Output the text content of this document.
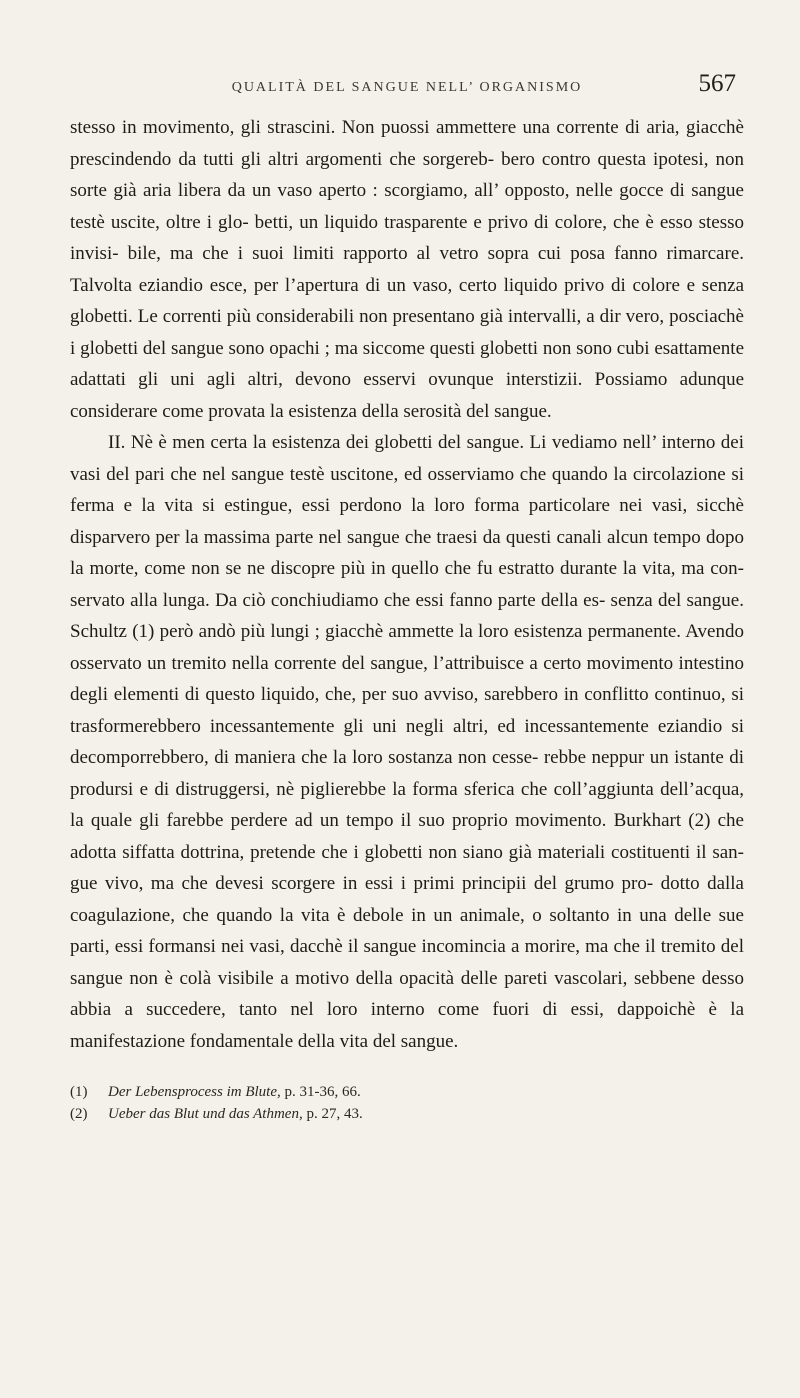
QUALITÀ DEL SANGUE NELL’ ORGANISMO	567

stesso in movimento, gli strascini. Non puossi ammettere una corrente di aria, giacchè prescindendo da tutti gli altri argomenti che sorgereb- bero contro questa ipotesi, non sorte già aria libera da un vaso aperto : scorgiamo, all’ opposto, nelle gocce di sangue testè uscite, oltre i glo- betti, un liquido trasparente e privo di colore, che è esso stesso invisi- bile, ma che i suoi limiti rapporto al vetro sopra cui posa fanno rimarcare. Talvolta eziandio esce, per l’apertura di un vaso, certo liquido privo di colore e senza globetti. Le correnti più considerabili non presentano già intervalli, a dir vero, posciachè i globetti del sangue sono opachi ; ma siccome questi globetti non sono cubi esattamente adattati gli uni agli altri, devono esservi ovunque interstizii. Possiamo adunque considerare come provata la esistenza della serosità del sangue.

II. Nè è men certa la esistenza dei globetti del sangue. Li vediamo nell’ interno dei vasi del pari che nel sangue testè uscitone, ed osserviamo che quando la circolazione si ferma e la vita si estingue, essi perdono la loro forma particolare nei vasi, sicchè disparvero per la massima parte nel sangue che traesi da questi canali alcun tempo dopo la morte, come non se ne discopre più in quello che fu estratto durante la vita, ma con- servato alla lunga. Da ciò conchiudiamo che essi fanno parte della es- senza del sangue. Schultz (1) però andò più lungi ; giacchè ammette la loro esistenza permanente. Avendo osservato un tremito nella corrente del sangue, l’attribuisce a certo movimento intestino degli elementi di questo liquido, che, per suo avviso, sarebbero in conflitto continuo, si trasformerebbero incessantemente gli uni negli altri, ed incessantemente eziandio si decomporrebbero, di maniera che la loro sostanza non cesse- rebbe neppur un istante di prodursi e di distruggersi, nè piglierebbe la forma sferica che coll’aggiunta dell’acqua, la quale gli farebbe perdere ad un tempo il suo proprio movimento. Burkhart (2) che adotta siffatta dottrina, pretende che i globetti non siano già materiali costituenti il san- gue vivo, ma che devesi scorgere in essi i primi principii del grumo pro- dotto dalla coagulazione, che quando la vita è debole in un animale, o soltanto in una delle sue parti, essi formansi nei vasi, dacchè il sangue incomincia a morire, ma che il tremito del sangue non è colà visibile a motivo della opacità delle pareti vascolari, sebbene desso abbia a succedere, tanto nel loro interno come fuori di essi, dappoichè è la manifestazione fondamentale della vita del sangue.

(1)	Der Lebensprocess im Blute, p. 31-36, 66.
(2)	Ueber das Blut und das Athmen, p. 27, 43.
